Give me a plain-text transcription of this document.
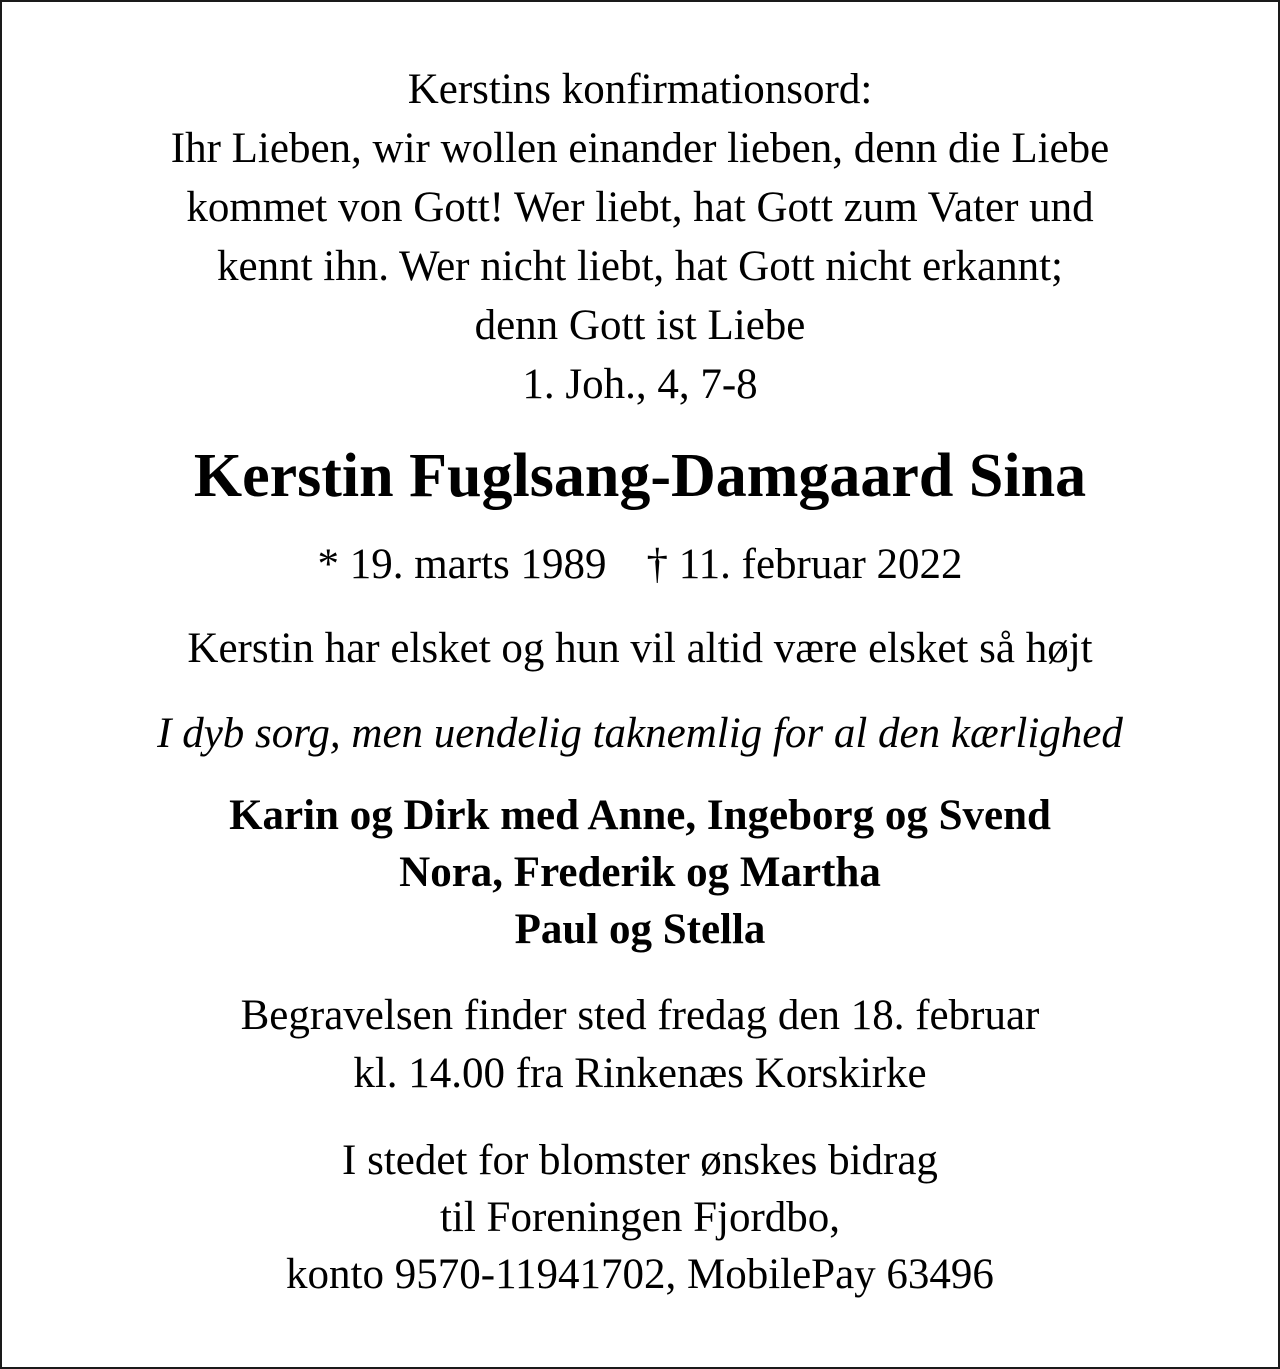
Kerstins konfirmationsord:
Ihr Lieben, wir wollen einander lieben, denn die Liebe
kommet von Gott! Wer liebt, hat Gott zum Vater und
kennt ihn. Wer nicht liebt, hat Gott nicht erkannt;
denn Gott ist Liebe
1. Joh., 4, 7-8
Kerstin Fuglsang-Damgaard Sina
* 19. marts 1989 † 11. februar 2022
Kerstin har elsket og hun vil altid være elsket så højt
I dyb sorg, men uendelig taknemlig for al den kærlighed
Karin og Dirk med Anne, Ingeborg og Svend
Nora, Frederik og Martha
Paul og Stella
Begravelsen finder sted fredag den 18. februar
kl. 14.00 fra Rinkenæs Korskirke
I stedet for blomster ønskes bidrag
til Foreningen Fjordbo,
konto 9570-11941702, MobilePay 63496
